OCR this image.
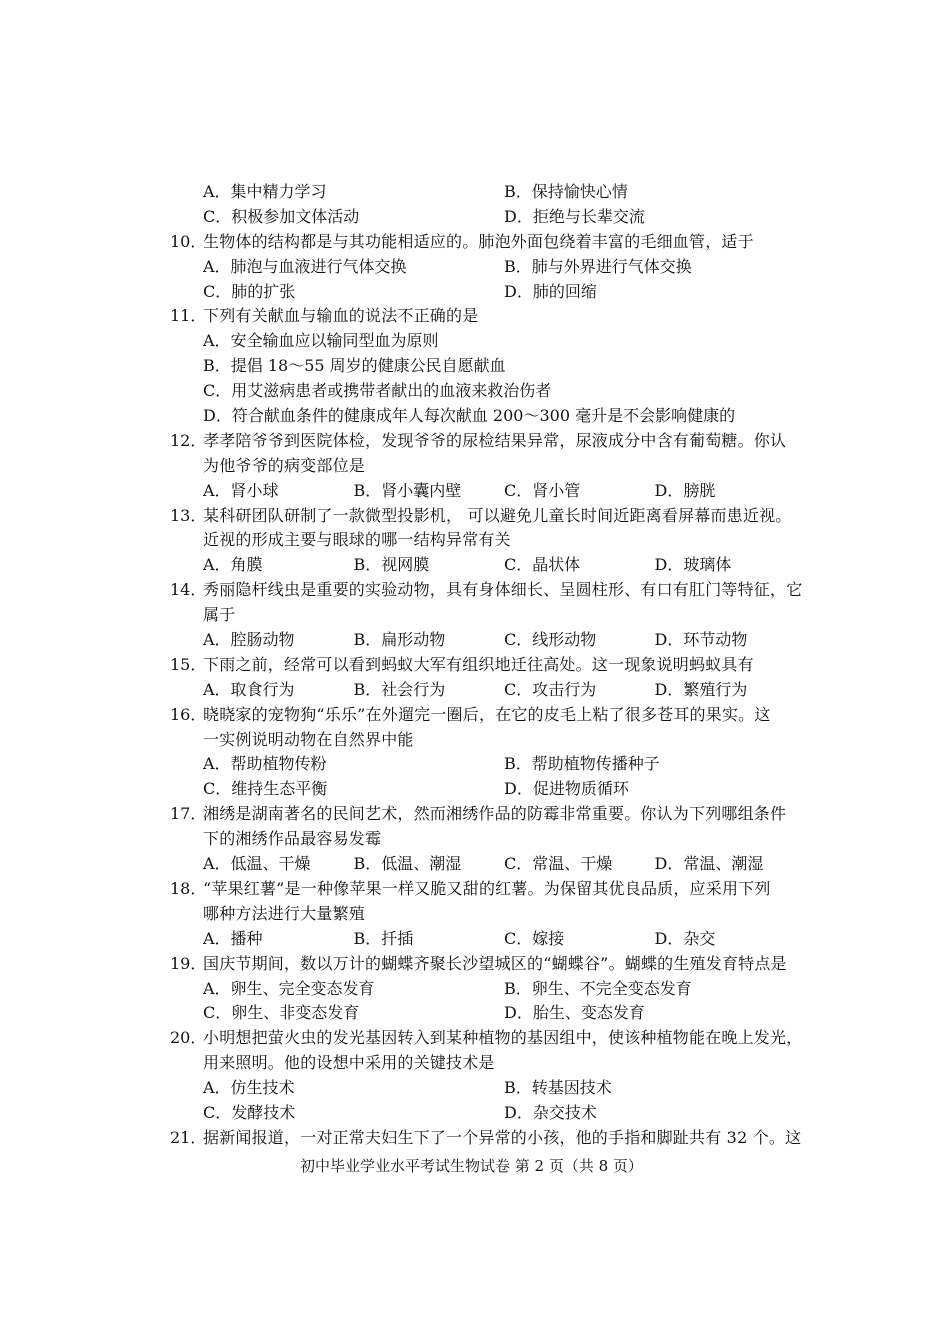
A．集中精力学习	B．保持愉快心情
C．积极参加文体活动	D．拒绝与长辈交流
10．
生物体的结构都是与其功能相适应的。肺泡外面包绕着丰富的毛细血管，适于
A．肺泡与血液进行气体交换	B．肺与外界进行气体交换
C．肺的扩张	D．肺的回缩
11．
下列有关献血与输血的说法不正确的是
A．安全输血应以输同型血为原则
B．提倡 18～55 周岁的健康公民自愿献血
C．用艾滋病患者或携带者献出的血液来救治伤者
D．符合献血条件的健康成年人每次献血 200～300 毫升是不会影响健康的
12．
孝孝陪爷爷到医院体检，发现爷爷的尿检结果异常，尿液成分中含有葡萄糖。你认
为他爷爷的病变部位是
A．肾小球	B．肾小囊内壁	C．肾小管	D．膀胱
13．
某科研团队研制了一款微型投影机， 可以避免儿童长时间近距离看屏幕而患近视。
近视的形成主要与眼球的哪一结构异常有关
A．角膜	B．视网膜	C．晶状体	D．玻璃体
14．
秀丽隐杆线虫是重要的实验动物，具有身体细长、呈圆柱形、有口有肛门等特征，它
属于
A．腔肠动物	B．扁形动物	C．线形动物	D．环节动物
15．
下雨之前，经常可以看到蚂蚁大军有组织地迁往高处。这一现象说明蚂蚁具有
A．取食行为	B．社会行为	C．攻击行为	D．繁殖行为
16．
晓晓家的宠物狗“乐乐”在外遛完一圈后，在它的皮毛上粘了很多苍耳的果实。这
一实例说明动物在自然界中能
A．帮助植物传粉	B．帮助植物传播种子
C．维持生态平衡	D．促进物质循环
17．
湘绣是湖南著名的民间艺术，然而湘绣作品的防霉非常重要。你认为下列哪组条件
下的湘绣作品最容易发霉
A．低温、干燥	B．低温、潮湿	C．常温、干燥	D．常温、潮湿
18．
“苹果红薯”是一种像苹果一样又脆又甜的红薯。为保留其优良品质，应采用下列
哪种方法进行大量繁殖
A．播种	B．扦插	C．嫁接	D．杂交
19．
国庆节期间，数以万计的蝴蝶齐聚长沙望城区的“蝴蝶谷”。蝴蝶的生殖发育特点是
A．卵生、完全变态发育	B．卵生、不完全变态发育
C．卵生、非变态发育	D．胎生、变态发育
20．
小明想把萤火虫的发光基因转入到某种植物的基因组中，使该种植物能在晚上发光，
用来照明。他的设想中采用的关键技术是
A．仿生技术	B．转基因技术
C．发酵技术	D．杂交技术
21．
据新闻报道，一对正常夫妇生下了一个异常的小孩，他的手指和脚趾共有 32 个。这
初中毕业学业水平考试生物试卷 第 2 页（共 8 页）
